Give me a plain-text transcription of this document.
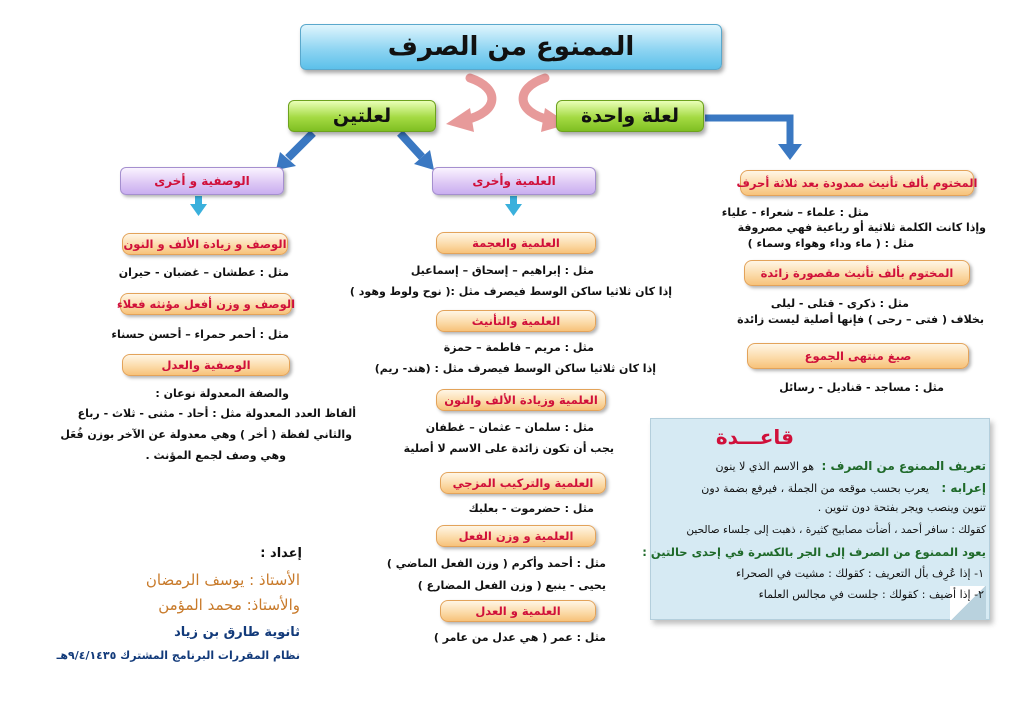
الممنوع من الصرف
لعلة واحدة
لعلتين
المختوم بألف تأنيث ممدودة بعد ثلاثة أحرف
مثل : علماء – شعراء - علياء
وإذا كانت الكلمة ثلاثية أو رباعية فهي مصروفة
مثل : ( ماء وداء وهواء وسماء )
المختوم بألف تأنيث مقصورة زائدة
مثل : ذكرى - قتلى - ليلى
بخلاف ( فتى – رحى ) فإنها أصلية ليست زائدة
صيغ منتهى الجموع
مثل : مساجد - قناديل - رسائل
العلمية وأخرى
العلمية والعجمة
مثل : إبراهيم – إسحاق – إسماعيل
إذا كان ثلاثيا ساكن الوسط فيصرف مثل :( نوح ولوط وهود )
العلمية والتأنيث
مثل : مريم – فاطمة – حمزة
إذا كان ثلاثيا ساكن الوسط فيصرف مثل : (هند- ريم)
العلمية وزيادة الألف والنون
مثل : سلمان – عثمان – غطفان
يجب أن تكون زائدة على الاسم لا أصلية
العلمية والتركيب المزجي
مثل : حضرموت - بعلبك
العلمية و وزن الفعل
مثل : أحمد وأكرم ( وزن الفعل الماضي )
يحيى - ينبع ( وزن الفعل المضارع )
العلمية و العدل
مثل : عمر ( هي عدل من عامر )
الوصفية و أخرى
الوصف و زيادة الألف و النون
مثل : عطشان – غضبان - حيران
الوصف و وزن أفعل مؤنثه فعلاء
مثل : أحمر حمراء – أحسن حسناء
الوصفية والعدل
والصفة المعدولة نوعان :
ألفاظ العدد المعدولة مثل : أحاد - مثنى - ثلاث - رباع
والثاني لفظة ( أخر ) وهي معدولة عن الآخر بوزن فُعَل
وهي وصف لجمع المؤنث .
قاعـــدة
تعريف الممنوع من الصرف :
هو الاسم الذي لا ينون
إعرابه :
يعرب بحسب موقعه من الجملة ، فيرفع بضمة دون
تنوين وينصب ويجر بفتحة دون تنوين .
كقولك : سافر أحمد ، أضأت مصابيح كثيرة ، ذهبت إلى جلساء صالحين
يعود الممنوع من الصرف إلى الجر بالكسرة في إحدى حالتين :
١- إذا عُرِف بأل التعريف : كقولك : مشيت في الصحراء
٢- إذا أضيف : كقولك : جلست في مجالس العلماء
إعداد :
الأستاذ : يوسف الرمضان
والأستاذ: محمد المؤمن
ثانوية طارق بن زياد
نظام المقررات البرنامج المشترك ٩/٤/١٤٣٥هـ
